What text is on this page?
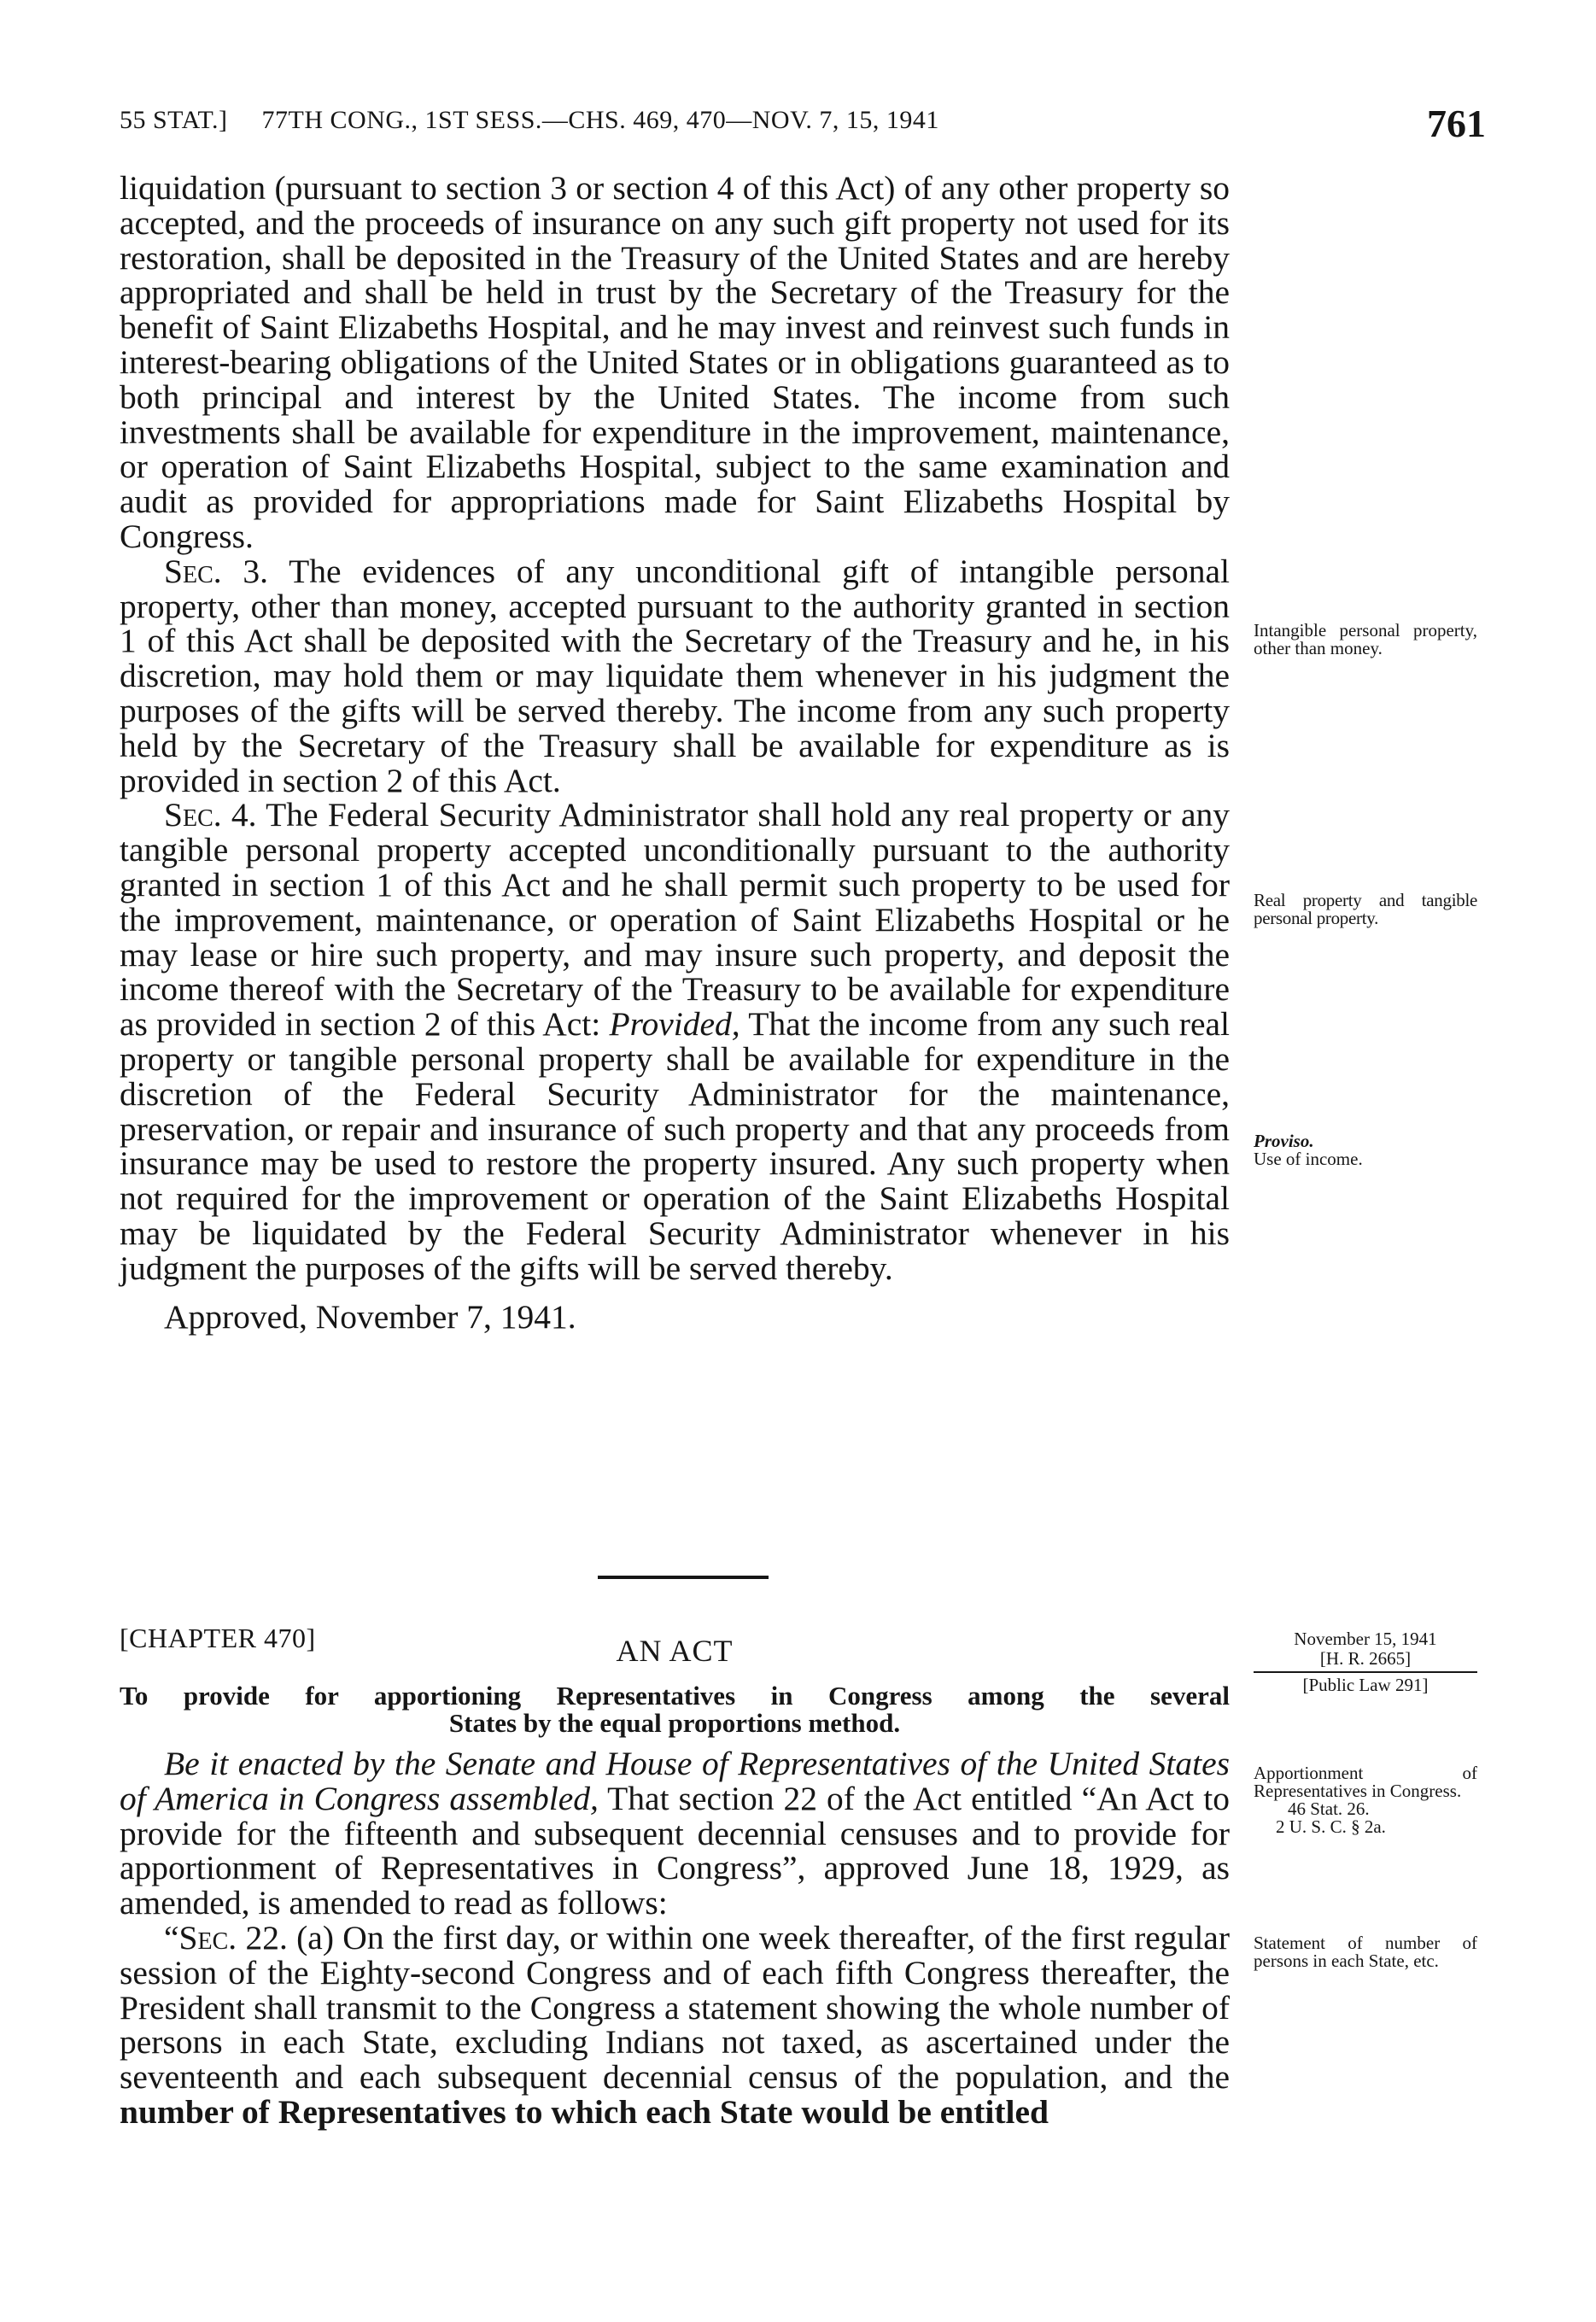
55 STAT.]     77TH CONG., 1ST SESS.—CHS. 469, 470—NOV. 7, 15, 1941	761

liquidation (pursuant to section 3 or section 4 of this Act) of any other property so accepted, and the proceeds of insurance on any such gift property not used for its restoration, shall be deposited in the Treasury of the United States and are hereby appropriated and shall be held in trust by the Secretary of the Treasury for the benefit of Saint Elizabeths Hospital, and he may invest and reinvest such funds in interest-bearing obligations of the United States or in obligations guaranteed as to both principal and interest by the United States. The income from such investments shall be available for expenditure in the improvement, maintenance, or operation of Saint Elizabeths Hospital, subject to the same examination and audit as provided for appropriations made for Saint Elizabeths Hospital by Congress.

Sec. 3. The evidences of any unconditional gift of intangible personal property, other than money, accepted pursuant to the authority granted in section 1 of this Act shall be deposited with the Secretary of the Treasury and he, in his discretion, may hold them or may liquidate them whenever in his judgment the purposes of the gifts will be served thereby. The income from any such property held by the Secretary of the Treasury shall be available for expenditure as is provided in section 2 of this Act.

Sec. 4. The Federal Security Administrator shall hold any real property or any tangible personal property accepted unconditionally pursuant to the authority granted in section 1 of this Act and he shall permit such property to be used for the improvement, maintenance, or operation of Saint Elizabeths Hospital or he may lease or hire such property, and may insure such property, and deposit the income thereof with the Secretary of the Treasury to be available for expenditure as provided in section 2 of this Act: Provided, That the income from any such real property or tangible personal property shall be available for expenditure in the discretion of the Federal Security Administrator for the maintenance, preservation, or repair and insurance of such property and that any proceeds from insurance may be used to restore the property insured. Any such property when not required for the improvement or operation of the Saint Elizabeths Hospital may be liquidated by the Federal Security Administrator whenever in his judgment the purposes of the gifts will be served thereby.

Approved, November 7, 1941.

[CHAPTER 470]	AN ACT
To provide for apportioning Representatives in Congress among the several
States by the equal proportions method.

Be it enacted by the Senate and House of Representatives of the United States of America in Congress assembled, That section 22 of the Act entitled “An Act to provide for the fifteenth and subsequent decennial censuses and to provide for apportionment of Representatives in Congress”, approved June 18, 1929, as amended, is amended to read as follows:

“Sec. 22. (a) On the first day, or within one week thereafter, of the first regular session of the Eighty-second Congress and of each fifth Congress thereafter, the President shall transmit to the Congress a statement showing the whole number of persons in each State, excluding Indians not taxed, as ascertained under the seventeenth and each subsequent decennial census of the population, and the number of Representatives to which each State would be entitled

Intangible personal property, other than money.
Real property and tangible personal property.
Proviso.
Use of income.
November 15, 1941
[H. R. 2665]
[Public Law 291]
Apportionment of Representatives in Congress.
46 Stat. 26.
2 U. S. C. § 2a.
Statement of number of persons in each State, etc.
